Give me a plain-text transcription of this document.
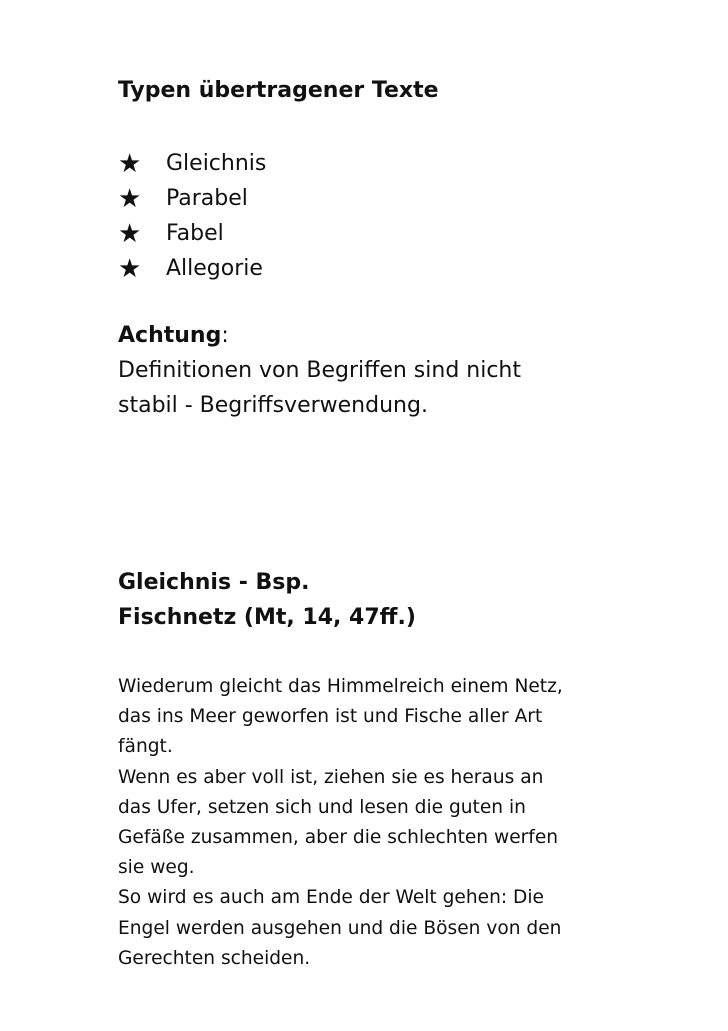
Typen übertragener Texte
★	Gleichnis
★	Parabel
★	Fabel
★	Allegorie
Achtung:
Definitionen von Begriffen sind nicht
stabil - Begriffsverwendung.
Gleichnis - Bsp.
Fischnetz (Mt, 14, 47ff.)
Wiederum gleicht das Himmelreich einem Netz,
das ins Meer geworfen ist und Fische aller Art
fängt.
Wenn es aber voll ist, ziehen sie es heraus an
das Ufer, setzen sich und lesen die guten in
Gefäße zusammen, aber die schlechten werfen
sie weg.
So wird es auch am Ende der Welt gehen: Die
Engel werden ausgehen und die Bösen von den
Gerechten scheiden.
